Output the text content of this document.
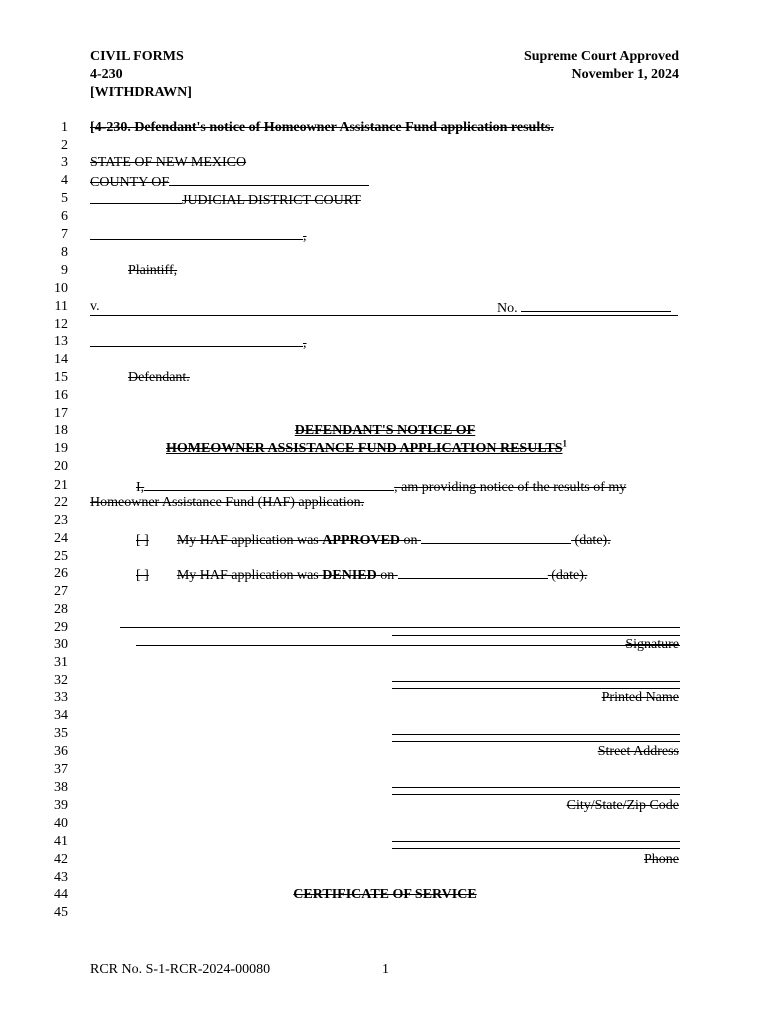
CIVIL FORMS
4-230
[WITHDRAWN]
Supreme Court Approved
November 1, 2024
1
2
3
4
5
6
7
8
9
10
11
12
13
14
15
16
17
18
19
20
21
22
23
24
25
26
27
28
29
30
31
32
33
34
35
36
37
38
39
40
41
42
43
44
45
[4-230. Defendant's notice of Homeowner Assistance Fund application results.
STATE OF NEW MEXICO
COUNTY OF
JUDICIAL DISTRICT COURT
,
Plaintiff,
v.	No.
,
Defendant.
DEFENDANT'S NOTICE OF
HOMEOWNER ASSISTANCE FUND APPLICATION RESULTS$^1$
I,	, am providing notice of the results of my
Homeowner Assistance Fund (HAF) application.
[ ] My HAF application was APPROVED on	(date).
[ ] My HAF application was DENIED on	(date).
Signature
Printed Name
Street Address
City/State/Zip Code
Phone
CERTIFICATE OF SERVICE
RCR No. S-1-RCR-2024-00080	1
